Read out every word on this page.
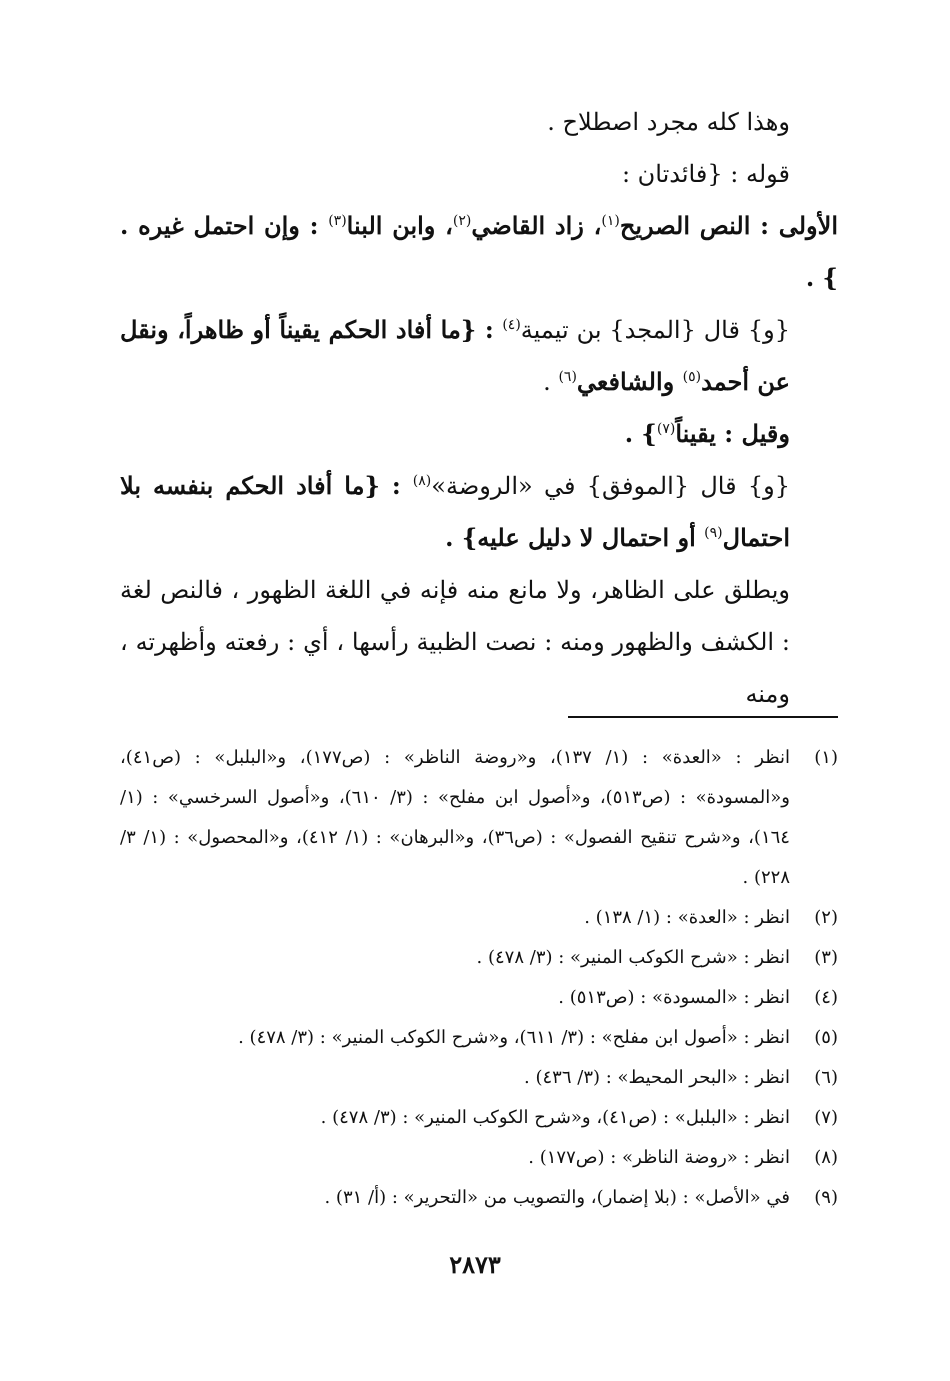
وهذا كله مجرد اصطلاح .

قوله : {فائدتان :

الأولى : النص الصريح$^{(١)}$، زاد القاضي$^{(٢)}$، وابن البنا$^{(٣)}$ : وإن احتمل غيره . } .

{و} قال {المجد} بن تيمية$^{(٤)}$ : {ما أفاد الحكم يقيناً أو ظاهراً، ونقل عن أحمد$^{(٥)}$ والشافعي$^{(٦)}$ .

وقيل : يقيناً$^{(٧)}$} .

{و} قال {الموفق} في «الروضة»$^{(٨)}$ : {ما أفاد الحكم بنفسه بلا احتمال$^{(٩)}$ أو احتمال لا دليل عليه} .

ويطلق على الظاهر، ولا مانع منه فإنه في اللغة الظهور ، فالنص لغة : الكشف والظهور ومنه : نصت الظبية رأسها ، أي : رفعته وأظهرته ، ومنه

(١)
انظر : «العدة» : (١/ ١٣٧)، و«روضة الناظر» : (ص١٧٧)، و«البلبل» : (ص٤١)، و«المسودة» : (ص٥١٣)، و«أصول ابن مفلح» : (٣/ ٦١٠)، و«أصول السرخسي» : (١/ ١٦٤)، و«شرح تنقيح الفصول» : (ص٣٦)، و«البرهان» : (١/ ٤١٢)، و«المحصول» : (١/ ٣/ ٢٢٨) .
(٢)
انظر : «العدة» : (١/ ١٣٨) .
(٣)
انظر : «شرح الكوكب المنير» : (٣/ ٤٧٨) .
(٤)
انظر : «المسودة» : (ص٥١٣) .
(٥)
انظر : «أصول ابن مفلح» : (٣/ ٦١١)، و«شرح الكوكب المنير» : (٣/ ٤٧٨) .
(٦)
انظر : «البحر المحيط» : (٣/ ٤٣٦) .
(٧)
انظر : «البلبل» : (ص٤١)، و«شرح الكوكب المنير» : (٣/ ٤٧٨) .
(٨)
انظر : «روضة الناظر» : (ص١٧٧) .
(٩)
في «الأصل» : (بلا إضمار)، والتصويب من «التحرير» : (أ/ ٣١) .
٢٨٧٣
